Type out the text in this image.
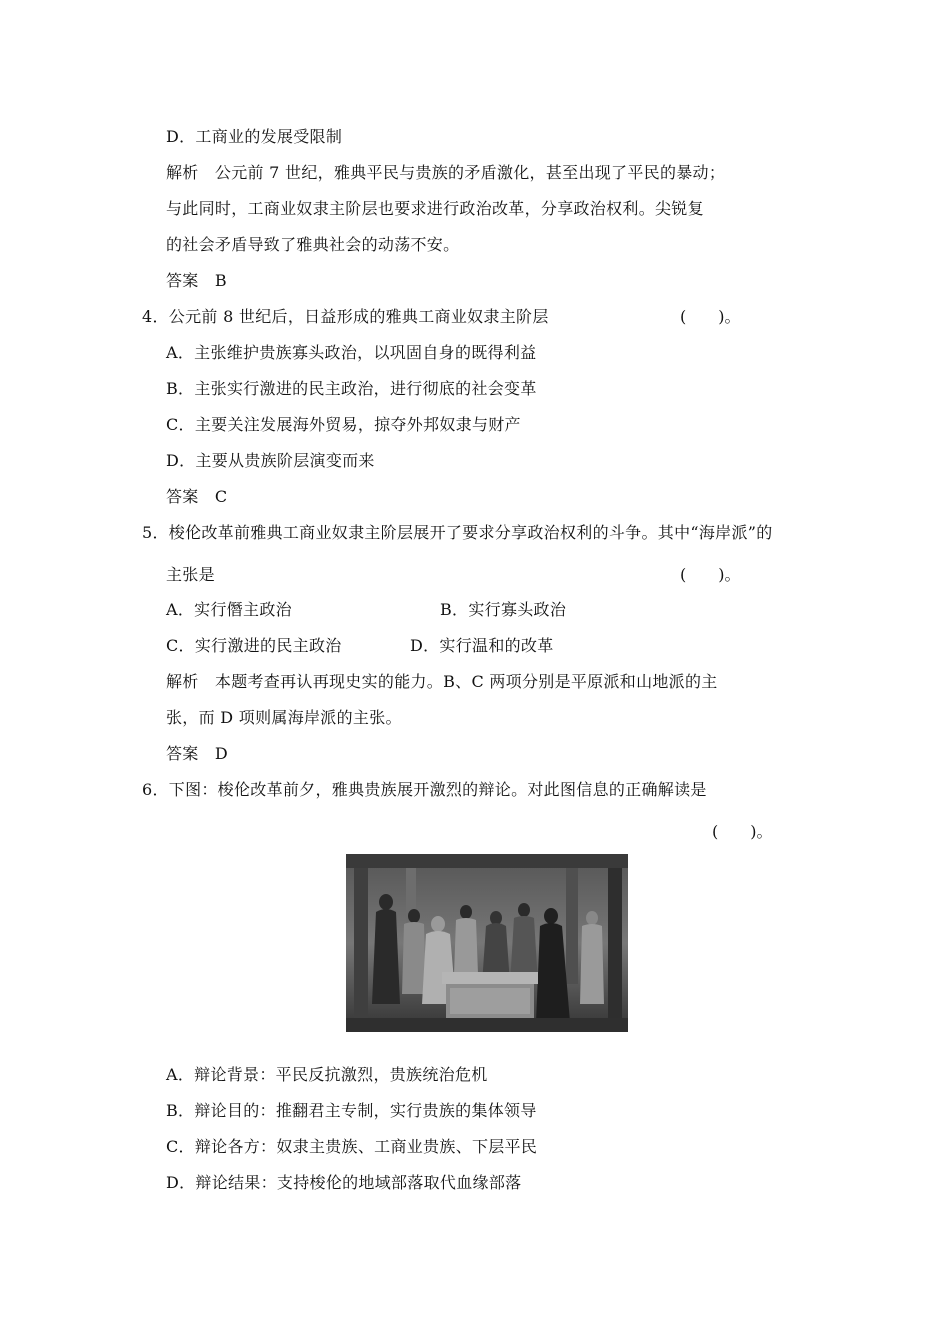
D．工商业的发展受限制
解析　公元前 7 世纪，雅典平民与贵族的矛盾激化，甚至出现了平民的暴动；
与此同时，工商业奴隶主阶层也要求进行政治改革，分享政治权利。尖锐复
的社会矛盾导致了雅典社会的动荡不安。
答案　B
4．公元前 8 世纪后，日益形成的雅典工商业奴隶主阶层	(　　)。
A．主张维护贵族寡头政治，以巩固自身的既得利益
B．主张实行激进的民主政治，进行彻底的社会变革
C．主要关注发展海外贸易，掠夺外邦奴隶与财产
D．主要从贵族阶层演变而来
答案　C
5．梭伦改革前雅典工商业奴隶主阶层展开了要求分享政治权利的斗争。其中“海岸派”的
主张是	(　　)。
A．实行僭主政治	B．实行寡头政治
C．实行激进的民主政治	D．实行温和的改革
解析　本题考查再认再现史实的能力。B、C 两项分别是平原派和山地派的主
张，而 D 项则属海岸派的主张。
答案　D
6．下图：梭伦改革前夕，雅典贵族展开激烈的辩论。对此图信息的正确解读是
(　　)。
A．辩论背景：平民反抗激烈，贵族统治危机
B．辩论目的：推翻君主专制，实行贵族的集体领导
C．辩论各方：奴隶主贵族、工商业贵族、下层平民
D．辩论结果：支持梭伦的地域部落取代血缘部落
